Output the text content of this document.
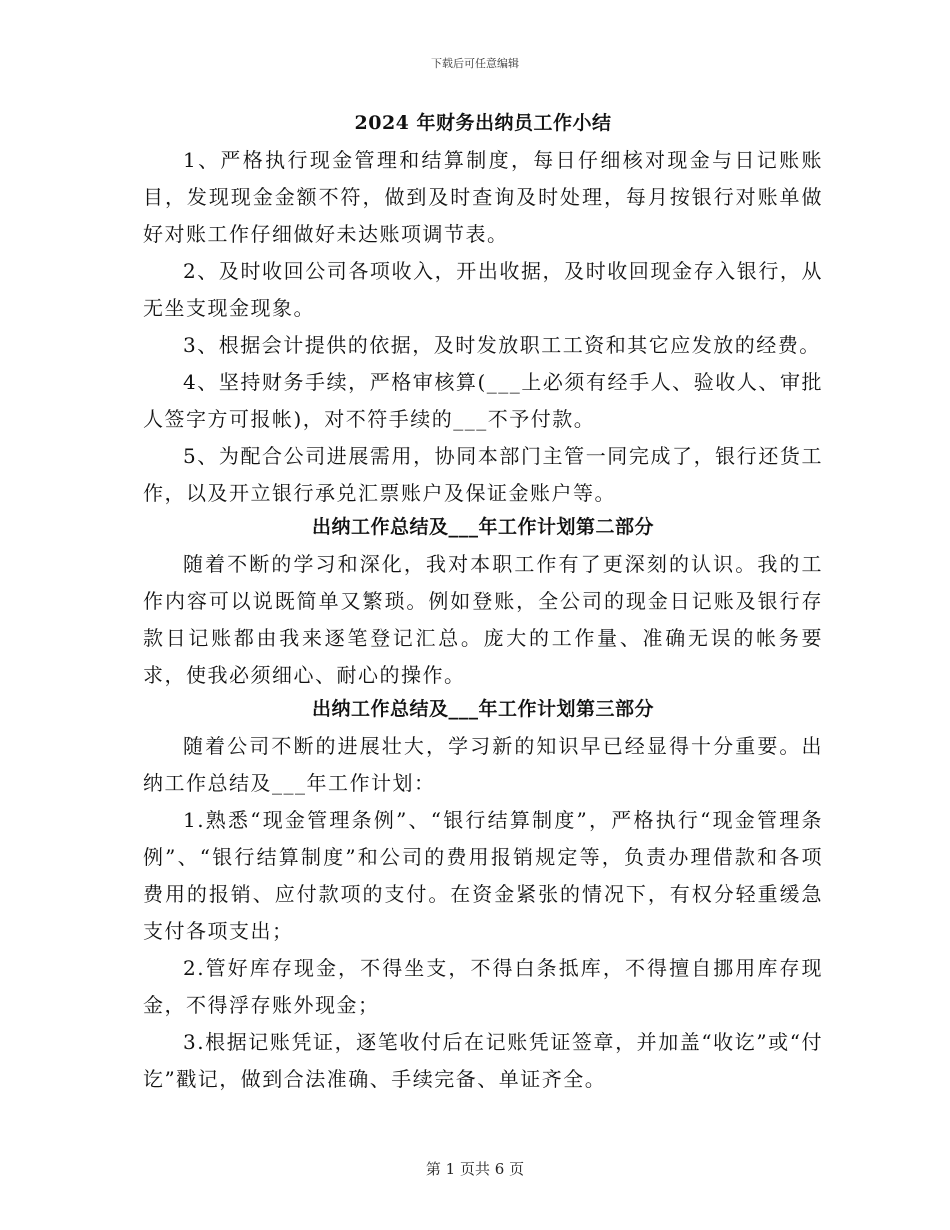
下载后可任意编辑
2024 年财务出纳员工作小结

1、严格执行现金管理和结算制度，每日仔细核对现金与日记账账目，发现现金金额不符，做到及时查询及时处理，每月按银行对账单做好对账工作仔细做好未达账项调节表。

2、及时收回公司各项收入，开出收据，及时收回现金存入银行，从无坐支现金现象。

3、根据会计提供的依据，及时发放职工工资和其它应发放的经费。

4、坚持财务手续，严格审核算(___上必须有经手人、验收人、审批人签字方可报帐)，对不符手续的___不予付款。

5、为配合公司进展需用，协同本部门主管一同完成了，银行还货工作，以及开立银行承兑汇票账户及保证金账户等。

出纳工作总结及___年工作计划第二部分

随着不断的学习和深化，我对本职工作有了更深刻的认识。我的工作内容可以说既简单又繁琐。例如登账，全公司的现金日记账及银行存款日记账都由我来逐笔登记汇总。庞大的工作量、准确无误的帐务要求，使我必须细心、耐心的操作。

出纳工作总结及___年工作计划第三部分

随着公司不断的进展壮大，学习新的知识早已经显得十分重要。出纳工作总结及___年工作计划：

1.熟悉“现金管理条例”、“银行结算制度”，严格执行“现金管理条例”、“银行结算制度”和公司的费用报销规定等，负责办理借款和各项费用的报销、应付款项的支付。在资金紧张的情况下，有权分轻重缓急支付各项支出；

2.管好库存现金，不得坐支，不得白条抵库，不得擅自挪用库存现金，不得浮存账外现金；

3.根据记账凭证，逐笔收付后在记账凭证签章，并加盖“收讫”或“付讫”戳记，做到合法准确、手续完备、单证齐全。

第 1 页共 6 页
